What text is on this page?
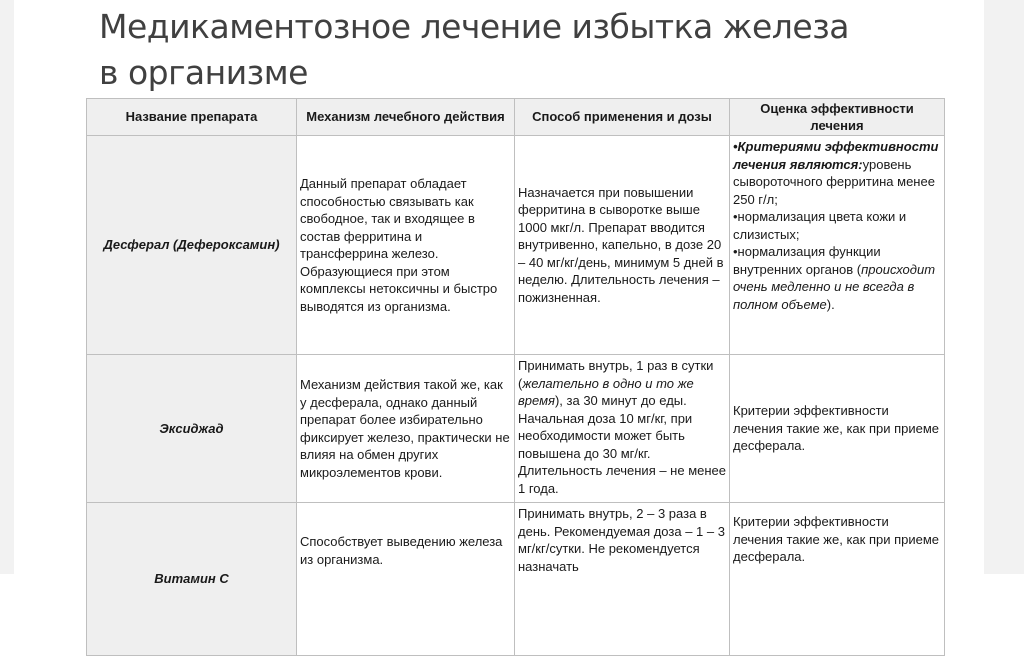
Медикаментозное лечение избытка железа
в организме
Название препарата	Механизм лечебного действия	Способ применения и дозы	Оценка эффективности лечения
Десферал (Дефероксамин)	Данный препарат обладает способностью связывать как свободное, так и входящее в состав ферритина и трансферрина железо. Образующиеся при этом комплексы нетоксичны и быстро выводятся из организма.	Назначается при повышении ферритина в сыворотке выше 1000 мкг/л. Препарат вводится внутривенно, капельно, в дозе 20 – 40 мг/кг/день, минимум 5 дней в неделю. Длительность лечения – пожизненная.	•Критериями эффективности лечения являются:уровень сывороточного ферритина менее 250 г/л;
•нормализация цвета кожи и слизистых;
•нормализация функции внутренних органов (происходит очень медленно и не всегда в полном объеме).
Эксиджад	Механизм действия такой же, как у десферала, однако данный препарат более избирательно фиксирует железо, практически не влияя на обмен других микроэлементов крови.	Принимать внутрь, 1 раз в сутки (желательно в одно и то же время), за 30 минут до еды. Начальная доза 10 мг/кг, при необходимости может быть повышена до 30 мг/кг. Длительность лечения – не менее 1 года.	Критерии эффективности лечения такие же, как при приеме десферала.
Витамин С	Способствует выведению железа из организма.	Принимать внутрь, 2 – 3 раза в день. Рекомендуемая доза – 1 – 3 мг/кг/сутки. Не рекомендуется назначать	Критерии эффективности лечения такие же, как при приеме десферала.
